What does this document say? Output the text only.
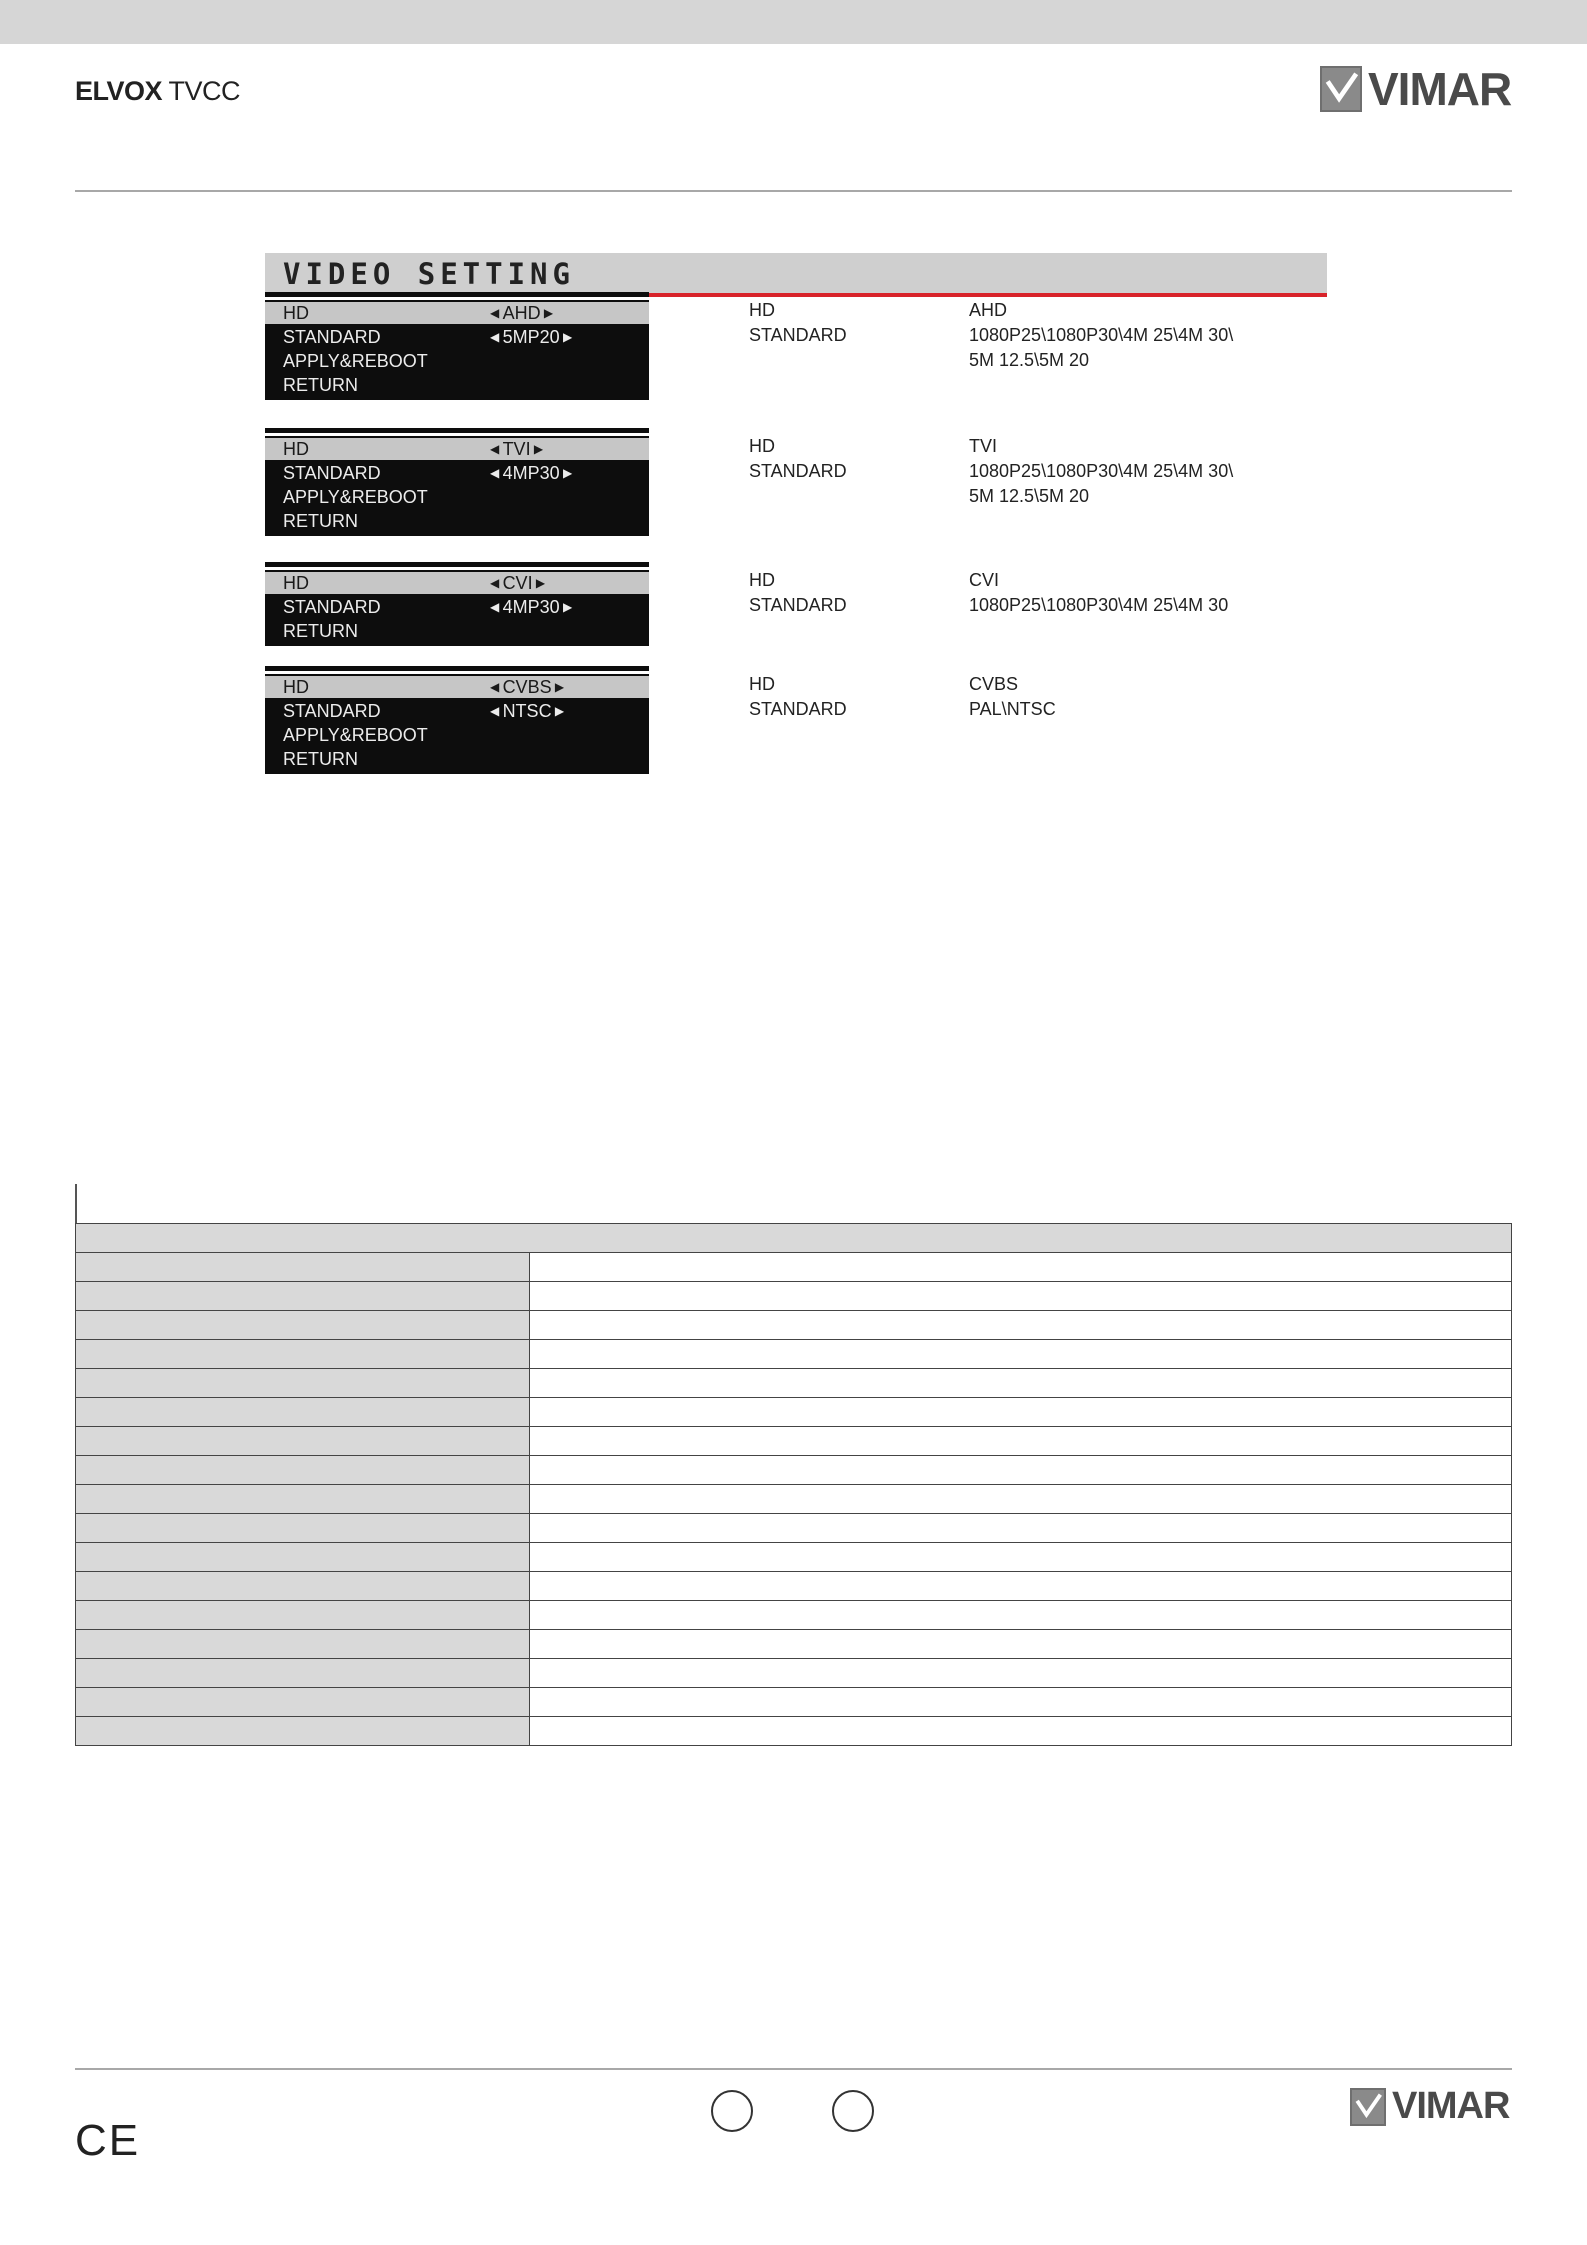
ELVOX TVCC	VIMAR
VIDEO SETTING
HD	◀ AHD ▶
STANDARD	◀ 5MP20 ▶
APPLY&REBOOT
RETURN
HD	AHD
STANDARD	1080P25\1080P30\4M 25\4M 30\
5M 12.5\5M 20
HD	◀ TVI ▶
STANDARD	◀ 4MP30 ▶
APPLY&REBOOT
RETURN
HD	TVI
STANDARD	1080P25\1080P30\4M 25\4M 30\
5M 12.5\5M 20
HD	◀ CVI ▶
STANDARD	◀ 4MP30 ▶
RETURN
HD	CVI
STANDARD	1080P25\1080P30\4M 25\4M 30
HD	◀ CVBS ▶
STANDARD	◀ NTSC ▶
APPLY&REBOOT
RETURN
HD	CVBS
STANDARD	PAL\NTSC
CE
VIMAR
